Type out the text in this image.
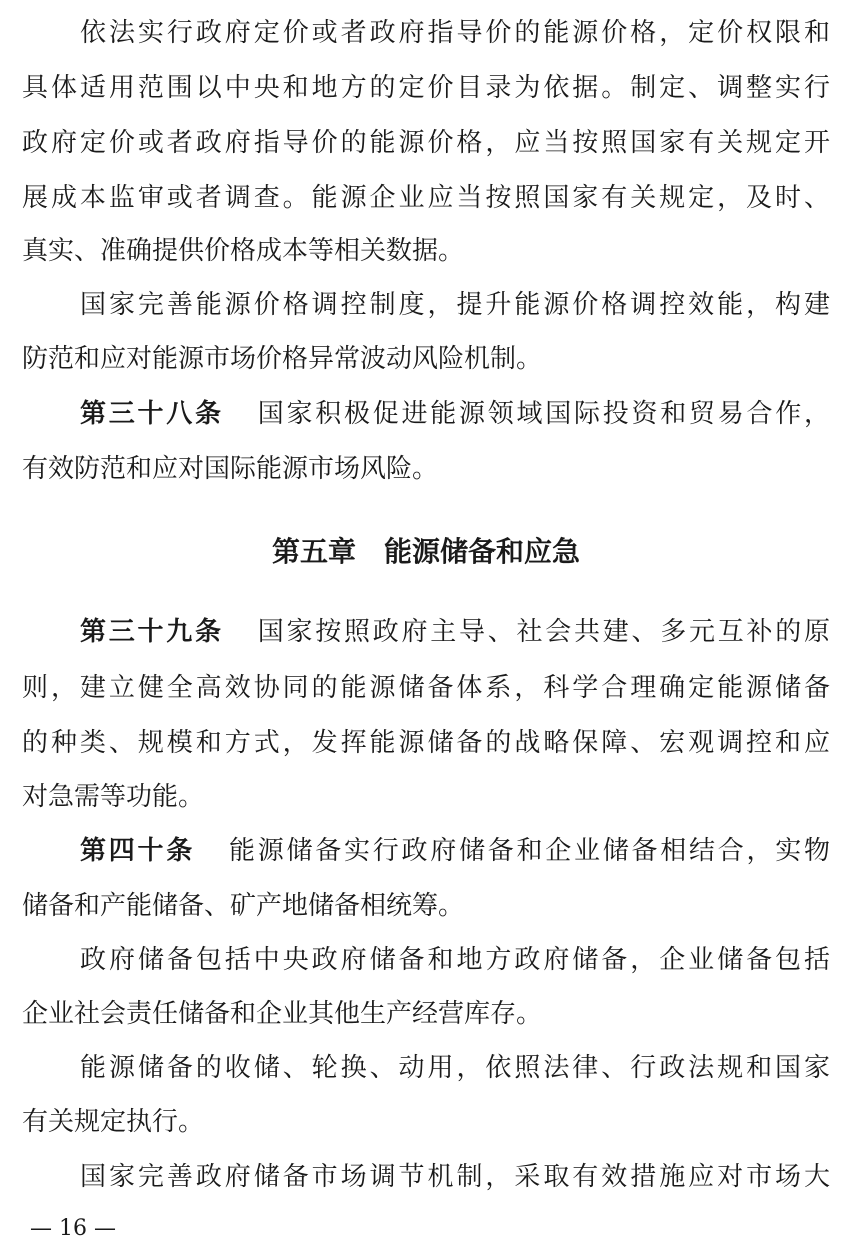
依法实行政府定价或者政府指导价的能源价格，定价权限和
具体适用范围以中央和地方的定价目录为依据。制定、调整实行
政府定价或者政府指导价的能源价格，应当按照国家有关规定开
展成本监审或者调查。能源企业应当按照国家有关规定，及时、
真实、准确提供价格成本等相关数据。
国家完善能源价格调控制度，提升能源价格调控效能，构建
防范和应对能源市场价格异常波动风险机制。
第三十八条 国家积极促进能源领域国际投资和贸易合作，
有效防范和应对国际能源市场风险。
第五章　能源储备和应急
第三十九条 国家按照政府主导、社会共建、多元互补的原
则，建立健全高效协同的能源储备体系，科学合理确定能源储备
的种类、规模和方式，发挥能源储备的战略保障、宏观调控和应
对急需等功能。
第四十条 能源储备实行政府储备和企业储备相结合，实物
储备和产能储备、矿产地储备相统筹。
政府储备包括中央政府储备和地方政府储备，企业储备包括
企业社会责任储备和企业其他生产经营库存。
能源储备的收储、轮换、动用，依照法律、行政法规和国家
有关规定执行。
国家完善政府储备市场调节机制，采取有效措施应对市场大
— 16 —
